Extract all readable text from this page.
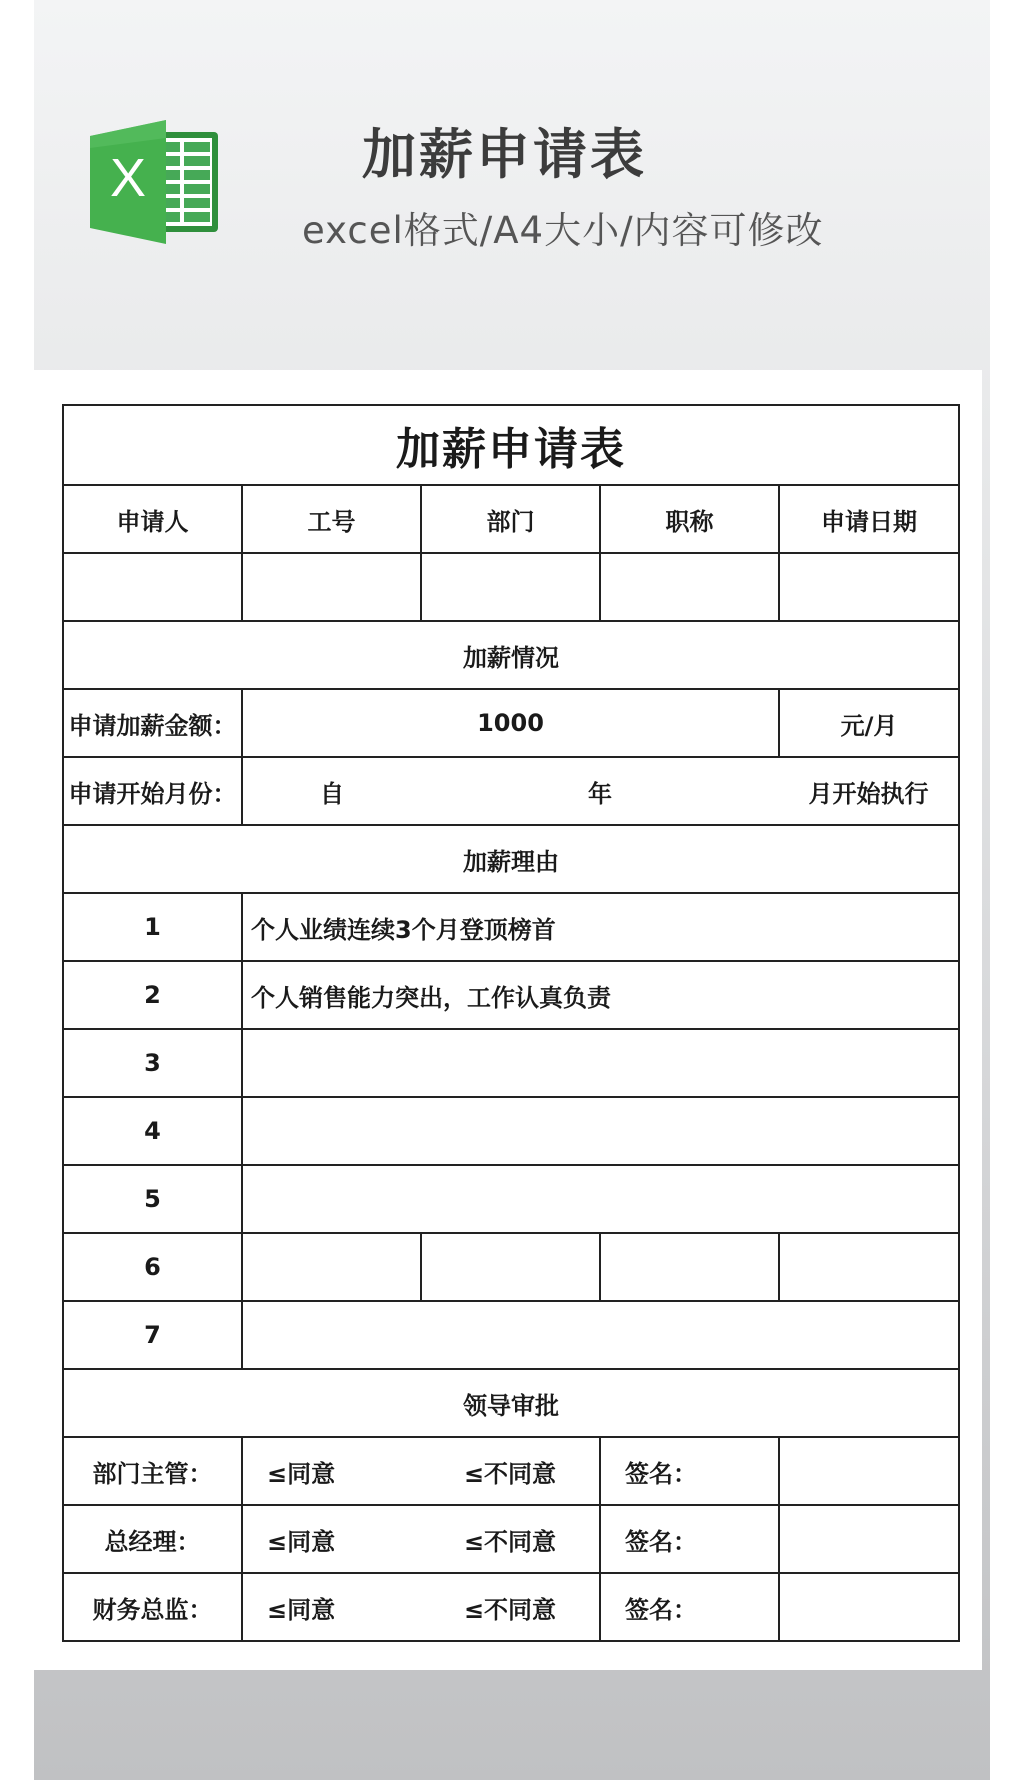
X	加薪申请表
excel格式/A4大小/内容可修改
加薪申请表				
申请人	工号	部门	职称	申请日期

加薪情况				
申请加薪金额：	1000			元/月
申请开始月份：	自	年		月开始执行
加薪理由				
1	个人业绩连续3个月登顶榜首			
2	个人销售能力突出，工作认真负责			
3				
4				
5				
6				
7				
领导审批				
部门主管：	≤同意	≤不同意	签名：	
总经理：	≤同意	≤不同意	签名：	
财务总监：	≤同意	≤不同意	签名：	
